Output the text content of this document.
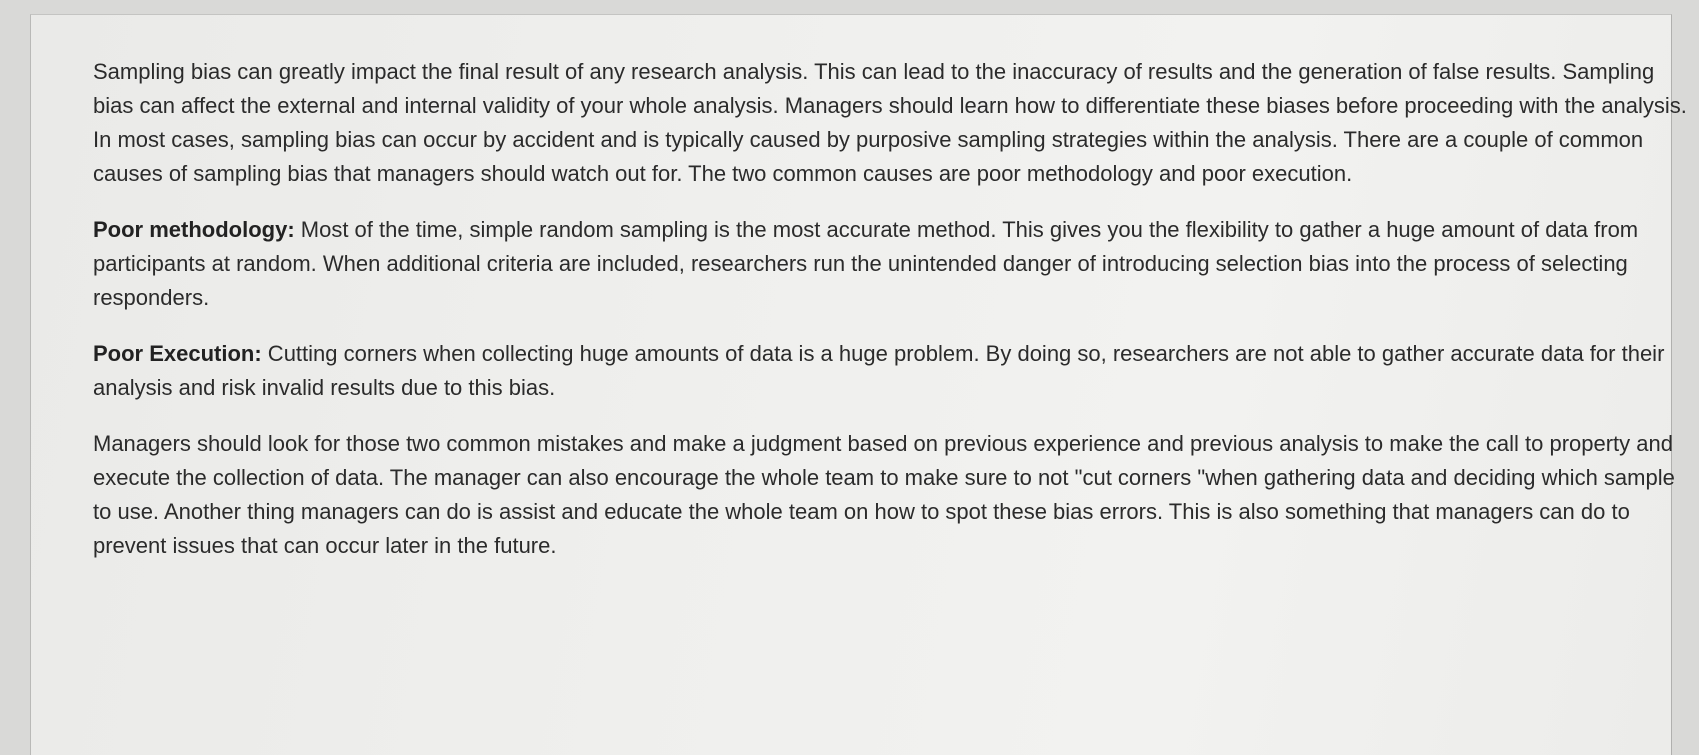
Sampling bias can greatly impact the final result of any research analysis. This can lead to the inaccuracy of results and the generation of false results. Sampling bias can affect the external and internal validity of your whole analysis. Managers should learn how to differentiate these biases before proceeding with the analysis. In most cases, sampling bias can occur by accident and is typically caused by purposive sampling strategies within the analysis. There are a couple of common causes of sampling bias that managers should watch out for. The two common causes are poor methodology and poor execution.

Poor methodology: Most of the time, simple random sampling is the most accurate method. This gives you the flexibility to gather a huge amount of data from participants at random. When additional criteria are included, researchers run the unintended danger of introducing selection bias into the process of selecting responders.

Poor Execution: Cutting corners when collecting huge amounts of data is a huge problem. By doing so, researchers are not able to gather accurate data for their analysis and risk invalid results due to this bias.

Managers should look for those two common mistakes and make a judgment based on previous experience and previous analysis to make the call to property and execute the collection of data. The manager can also encourage the whole team to make sure to not "cut corners "when gathering data and deciding which sample to use. Another thing managers can do is assist and educate the whole team on how to spot these bias errors. This is also something that managers can do to prevent issues that can occur later in the future.
